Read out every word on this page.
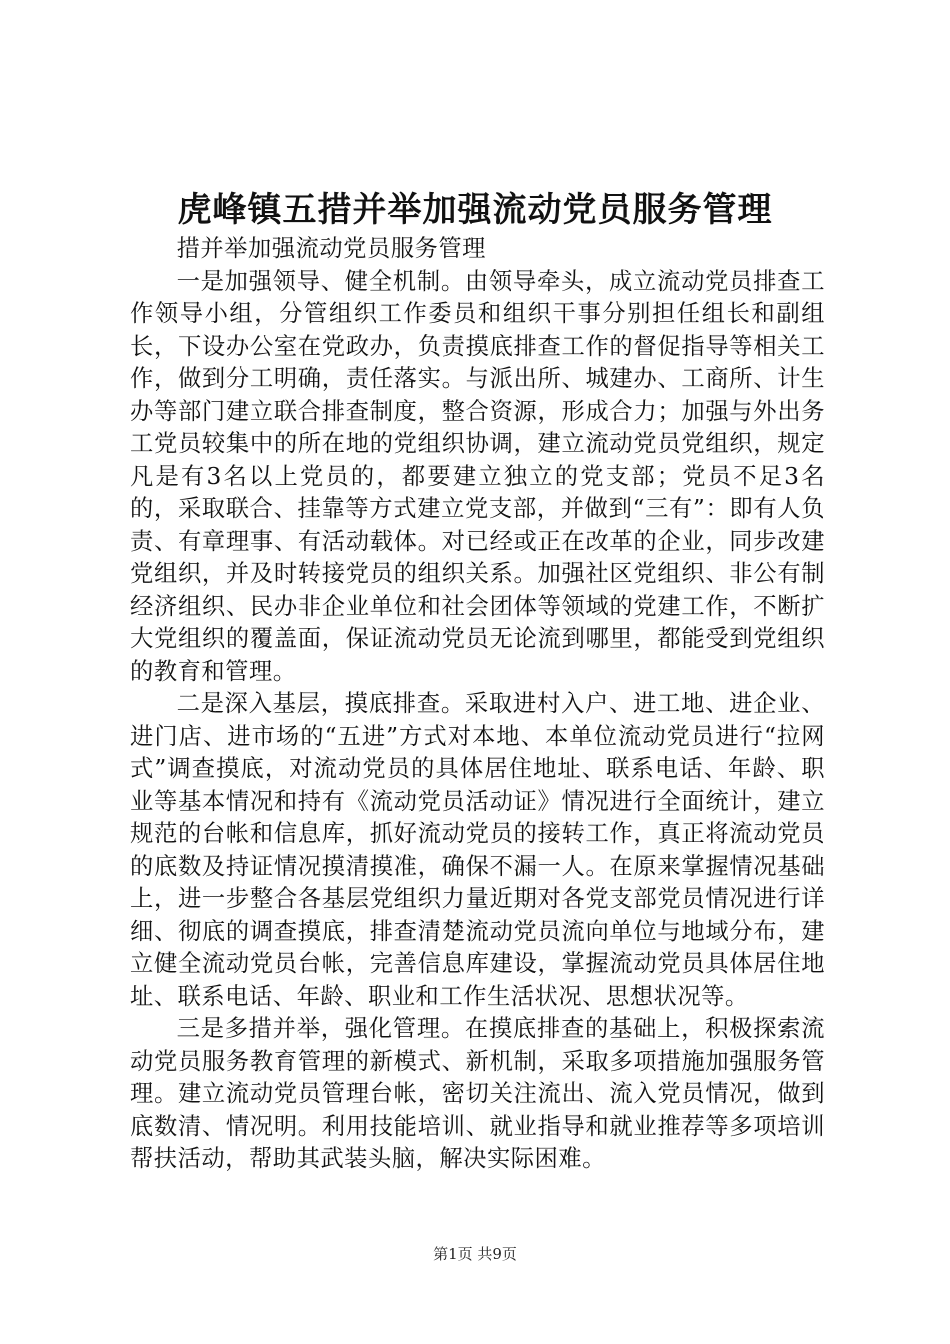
虎峰镇五措并举加强流动党员服务管理

措并举加强流动党员服务管理

一是加强领导、健全机制。由领导牵头，成立流动党员排查工作领导小组，分管组织工作委员和组织干事分别担任组长和副组长，下设办公室在党政办，负责摸底排查工作的督促指导等相关工作，做到分工明确，责任落实。与派出所、城建办、工商所、计生办等部门建立联合排查制度，整合资源，形成合力；加强与外出务工党员较集中的所在地的党组织协调，建立流动党员党组织，规定凡是有3名以上党员的，都要建立独立的党支部；党员不足3名的，采取联合、挂靠等方式建立党支部，并做到“三有”：即有人负责、有章理事、有活动载体。对已经或正在改革的企业，同步改建党组织，并及时转接党员的组织关系。加强社区党组织、非公有制经济组织、民办非企业单位和社会团体等领域的党建工作，不断扩大党组织的覆盖面，保证流动党员无论流到哪里，都能受到党组织的教育和管理。

二是深入基层，摸底排查。采取进村入户、进工地、进企业、进门店、进市场的“五进”方式对本地、本单位流动党员进行“拉网式”调查摸底，对流动党员的具体居住地址、联系电话、年龄、职业等基本情况和持有《流动党员活动证》情况进行全面统计，建立规范的台帐和信息库，抓好流动党员的接转工作，真正将流动党员的底数及持证情况摸清摸准，确保不漏一人。在原来掌握情况基础上，进一步整合各基层党组织力量近期对各党支部党员情况进行详细、彻底的调查摸底，排查清楚流动党员流向单位与地域分布，建立健全流动党员台帐，完善信息库建设，掌握流动党员具体居住地址、联系电话、年龄、职业和工作生活状况、思想状况等。

三是多措并举，强化管理。在摸底排查的基础上，积极探索流动党员服务教育管理的新模式、新机制，采取多项措施加强服务管理。建立流动党员管理台帐，密切关注流出、流入党员情况，做到底数清、情况明。利用技能培训、就业指导和就业推荐等多项培训帮扶活动，帮助其武装头脑，解决实际困难。

第1页 共9页
